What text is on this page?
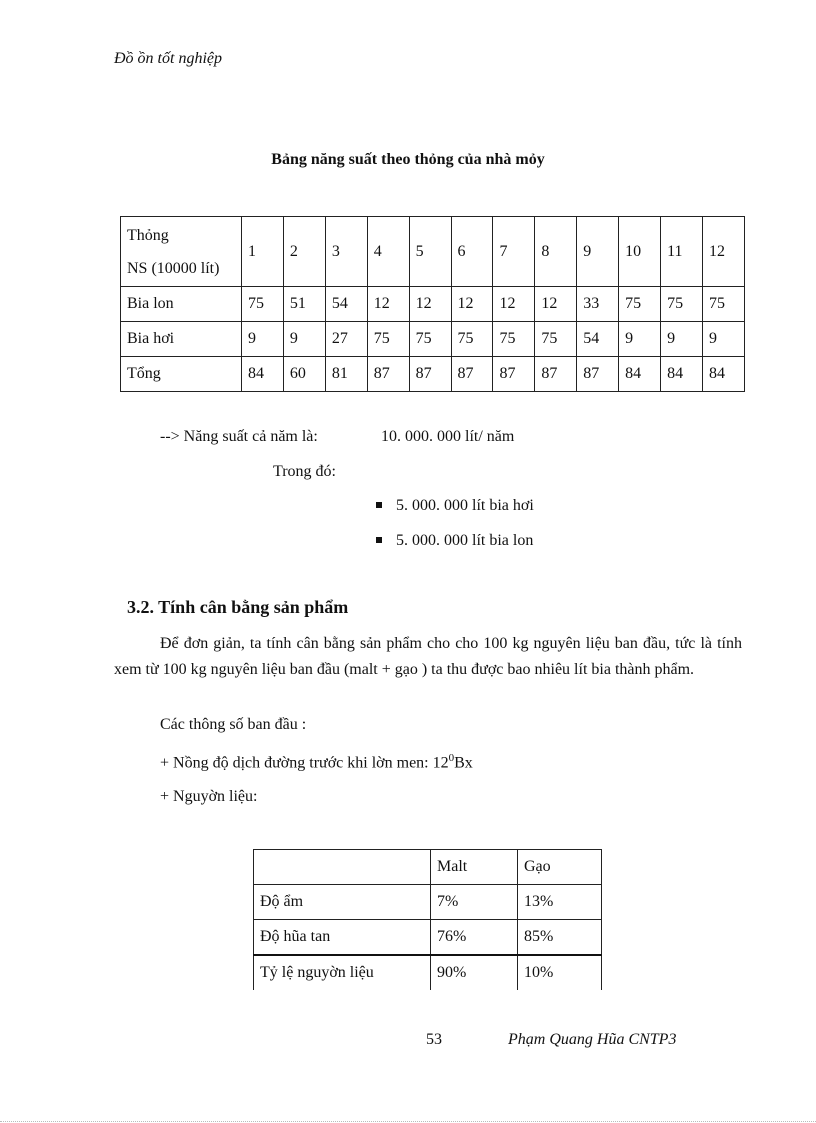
Đồ ồn tốt nghiệp
Bảng năng suất theo thỏng của nhà mỏy
Thỏng
NS (10000 lít)	1	2	3	4	5	6	7	8	9	10	11	12
Bia lon	75	51	54	12	12	12	12	12	33	75	75	75
Bia hơi	9	9	27	75	75	75	75	75	54	9	9	9
Tổng	84	60	81	87	87	87	87	87	87	84	84	84
--> Năng suất cả năm là:	10. 000. 000 lít/ năm
Trong đó:
5. 000. 000 lít bia hơi
5. 000. 000 lít bia lon
3.2. Tính cân bằng sản phẩm
Để đơn giản, ta tính cân bằng sản phẩm cho cho 100 kg nguyên liệu ban đầu, tức là tính xem từ 100 kg nguyên liệu ban đầu (malt + gạo ) ta thu được bao nhiêu lít bia thành phẩm.
Các thông số ban đầu :
+ Nồng độ dịch đường trước khi lờn men: $12^0Bx$
+ Nguyờn liệu:
	Malt	Gạo
Độ ẩm	7%	13%
Độ hũa tan	76%	85%
Tỷ lệ nguyờn liệu	90%	10%
53	Phạm Quang Hũa CNTP3
